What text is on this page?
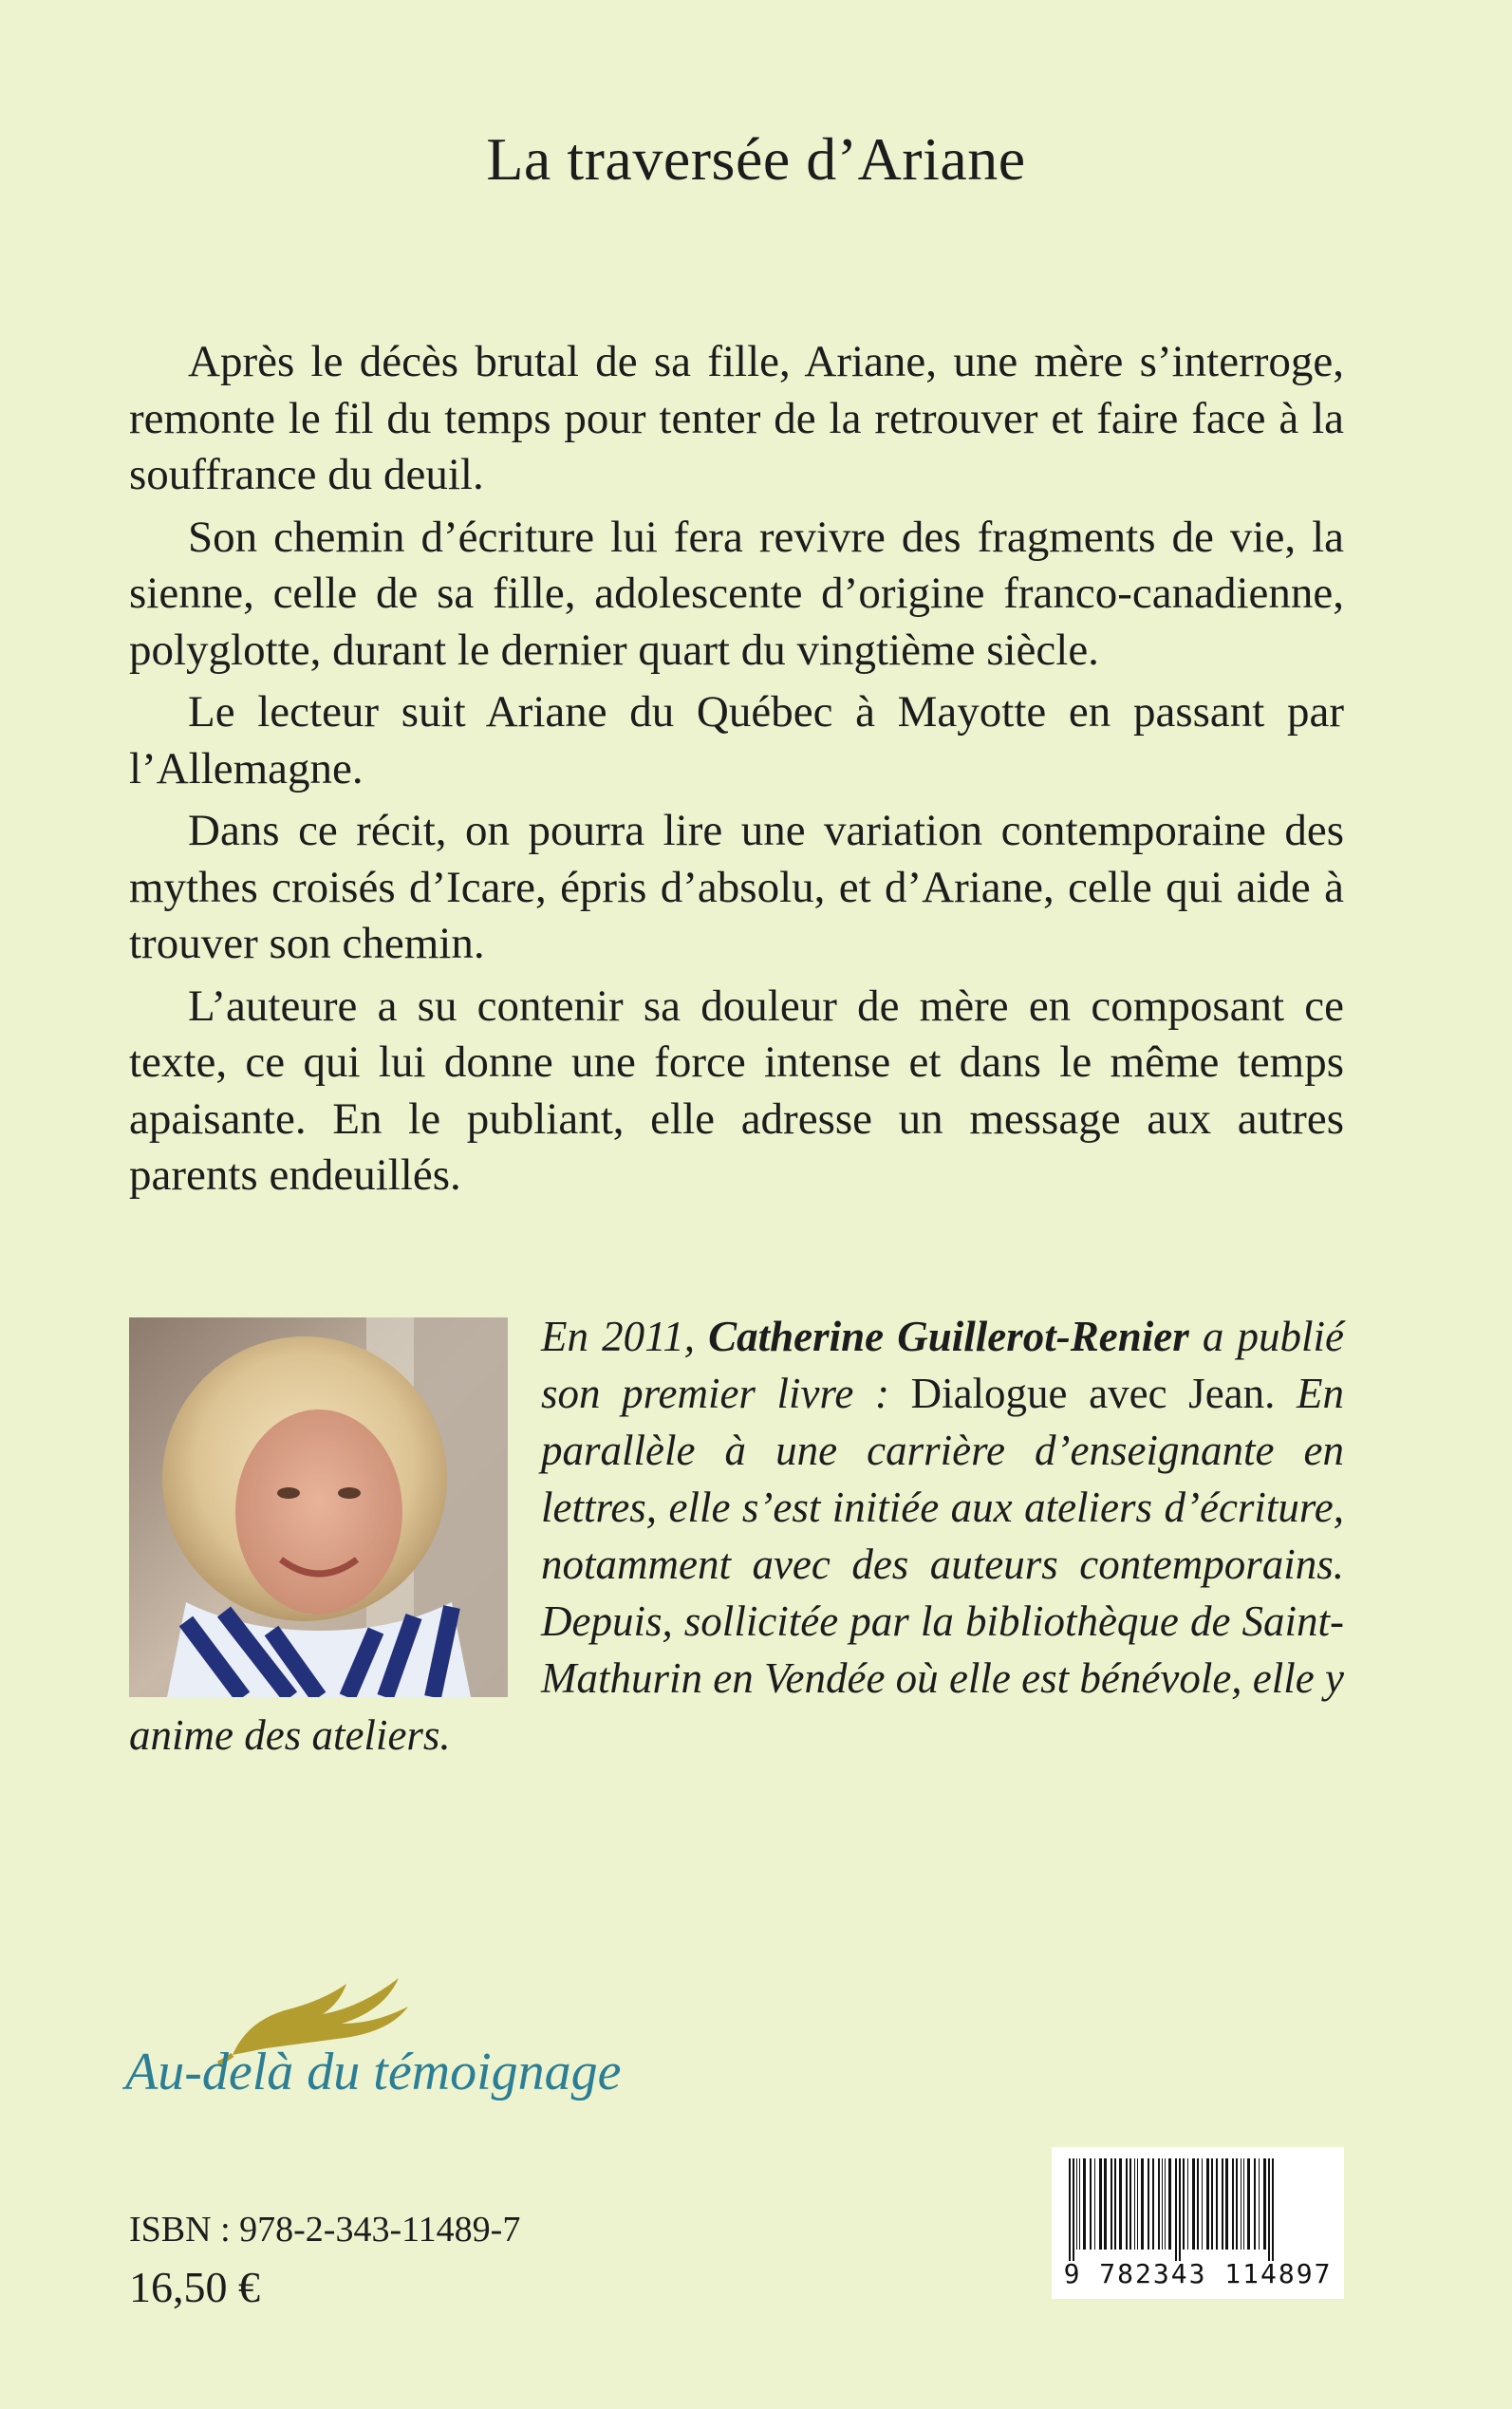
La traversée d’Ariane

Après le décès brutal de sa fille, Ariane, une mère s’interroge, remonte le fil du temps pour tenter de la retrouver et faire face à la souffrance du deuil.

Son chemin d’écriture lui fera revivre des fragments de vie, la sienne, celle de sa fille, adolescente d’origine franco-canadienne, polyglotte, durant le dernier quart du vingtième siècle.

Le lecteur suit Ariane du Québec à Mayotte en passant par l’Allemagne.

Dans ce récit, on pourra lire une variation contemporaine des mythes croisés d’Icare, épris d’absolu, et d’Ariane, celle qui aide à trouver son chemin.

L’auteure a su contenir sa douleur de mère en composant ce texte, ce qui lui donne une force intense et dans le même temps apaisante. En le publiant, elle adresse un message aux autres parents endeuillés.

En 2011, Catherine Guillerot-Renier a publié son premier livre : Dialogue avec Jean. En parallèle à une carrière d’enseignante en lettres, elle s’est initiée aux ateliers d’écriture, notamment avec des auteurs contemporains. Depuis, sollicitée par la bibliothèque de Saint-Mathurin en Vendée où elle est bénévole, elle y anime des ateliers.

Au-delà du témoignage
ISBN : 978-2-343-11489-7
16,50 €	9 782343 114897
